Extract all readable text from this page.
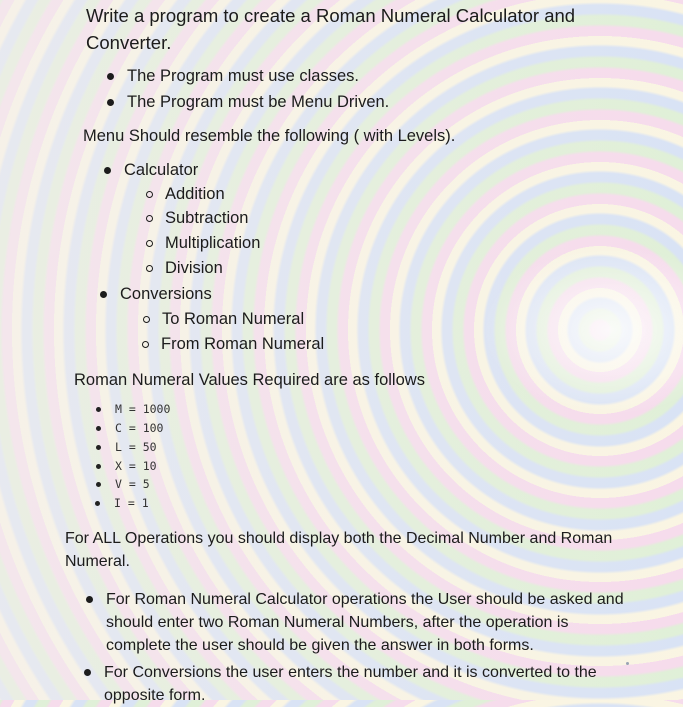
Write a program to create a Roman Numeral Calculator and Converter.
The Program must use classes.
The Program must be Menu Driven.
Menu Should resemble the following ( with Levels).
Calculator
Addition
Subtraction
Multiplication
Division
Conversions
To Roman Numeral
From Roman Numeral
Roman Numeral Values Required are as follows
M = 1000
C = 100
L = 50
X = 10
V = 5
I = 1
For ALL Operations you should display both the Decimal Number and Roman Numeral.
For Roman Numeral Calculator operations the User should be asked and should enter two Roman Numeral Numbers, after the operation is complete the user should be given the answer in both forms.
For Conversions the user enters the number and it is converted to the opposite form.
